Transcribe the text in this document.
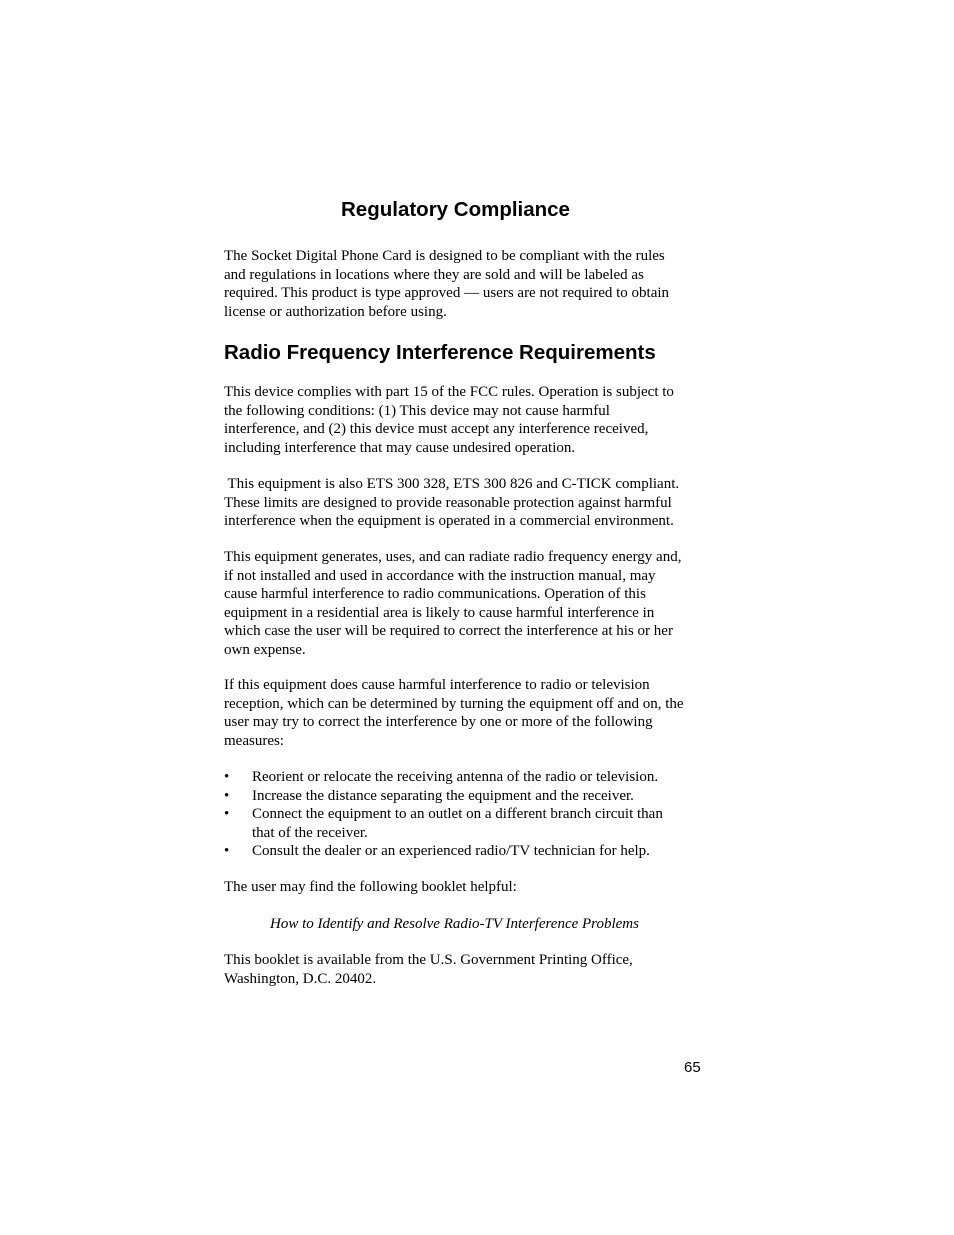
Regulatory Compliance

The Socket Digital Phone Card is designed to be compliant with the rules
and regulations in locations where they are sold and will be labeled as
required. This product is type approved — users are not required to obtain
license or authorization before using.

Radio Frequency Interference Requirements

This device complies with part 15 of the FCC rules. Operation is subject to
the following conditions: (1) This device may not cause harmful
interference, and (2) this device must accept any interference received,
including interference that may cause undesired operation.

This equipment is also ETS 300 328, ETS 300 826 and C-TICK compliant.
These limits are designed to provide reasonable protection against harmful
interference when the equipment is operated in a commercial environment.

This equipment generates, uses, and can radiate radio frequency energy and,
if not installed and used in accordance with the instruction manual, may
cause harmful interference to radio communications. Operation of this
equipment in a residential area is likely to cause harmful interference in
which case the user will be required to correct the interference at his or her
own expense.

If this equipment does cause harmful interference to radio or television
reception, which can be determined by turning the equipment off and on, the
user may try to correct the interference by one or more of the following
measures:

•	Reorient or relocate the receiving antenna of the radio or television.
•	Increase the distance separating the equipment and the receiver.
•	Connect the equipment to an outlet on a different branch circuit than
that of the receiver.
•	Consult the dealer or an experienced radio/TV technician for help.

The user may find the following booklet helpful:

How to Identify and Resolve Radio-TV Interference Problems

This booklet is available from the U.S. Government Printing Office,
Washington, D.C. 20402.

65
